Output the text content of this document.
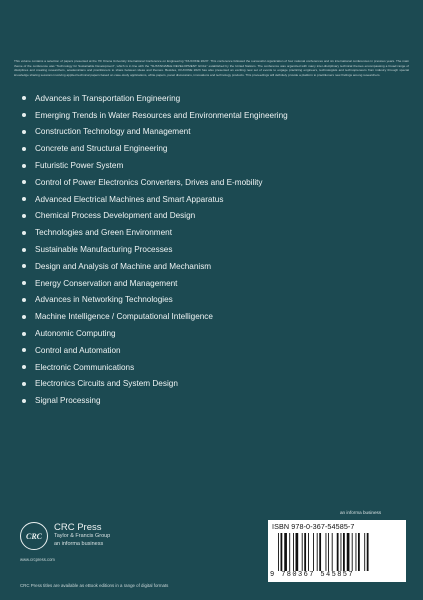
This volume contains a selection of papers presented at the 7th Kirena University International Conference on Engineering "KIUCONE 2023". This conference followed the successful organization of four national conferences and six international conferences in previous years. The main theme of the conference was "Technology for Sustainable Development", which is in line with the "SUSTAINABLE DEVELOPMENT GOAL" established by the United Nations. The conference was organized with many inter-disciplinary technical themes encompassing a broad range of disciplines and creating researchers, academicians and practitioners to share between ideas and themes. Besides, KIUCONE 2023 has also presented an exciting new set of events to engage practicing engineers, technologists and technopreneurs from industry through special knowledge sharing sessions involving applied technical papers based on case-study applications, white papers, panel discussions, innovations and technology products. This proceedings will definitely provide a platform to practitioners new findings among researchers.

Advances in Transportation Engineering
Emerging Trends in Water Resources and Environmental Engineering
Construction Technology and Management
Concrete and Structural Engineering
Futuristic Power System
Control of Power Electronics Converters, Drives and E-mobility
Advanced Electrical Machines and Smart Apparatus
Chemical Process Development and Design
Technologies and Green Environment
Sustainable Manufacturing Processes
Design and Analysis of Machine and Mechanism
Energy Conservation and Management
Advances in Networking Technologies
Machine Intelligence / Computational Intelligence
Autonomic Computing
Control and Automation
Electronic Communications
Electronics Circuits and System Design
Signal Processing
an informa business
CRC
CRC Press
Taylor & Francis Group
an informa business
www.crcpress.com
ISBN 978-0-367-54585-7
9 780367 545857
CRC Press titles are available as eBook editions in a range of digital formats
